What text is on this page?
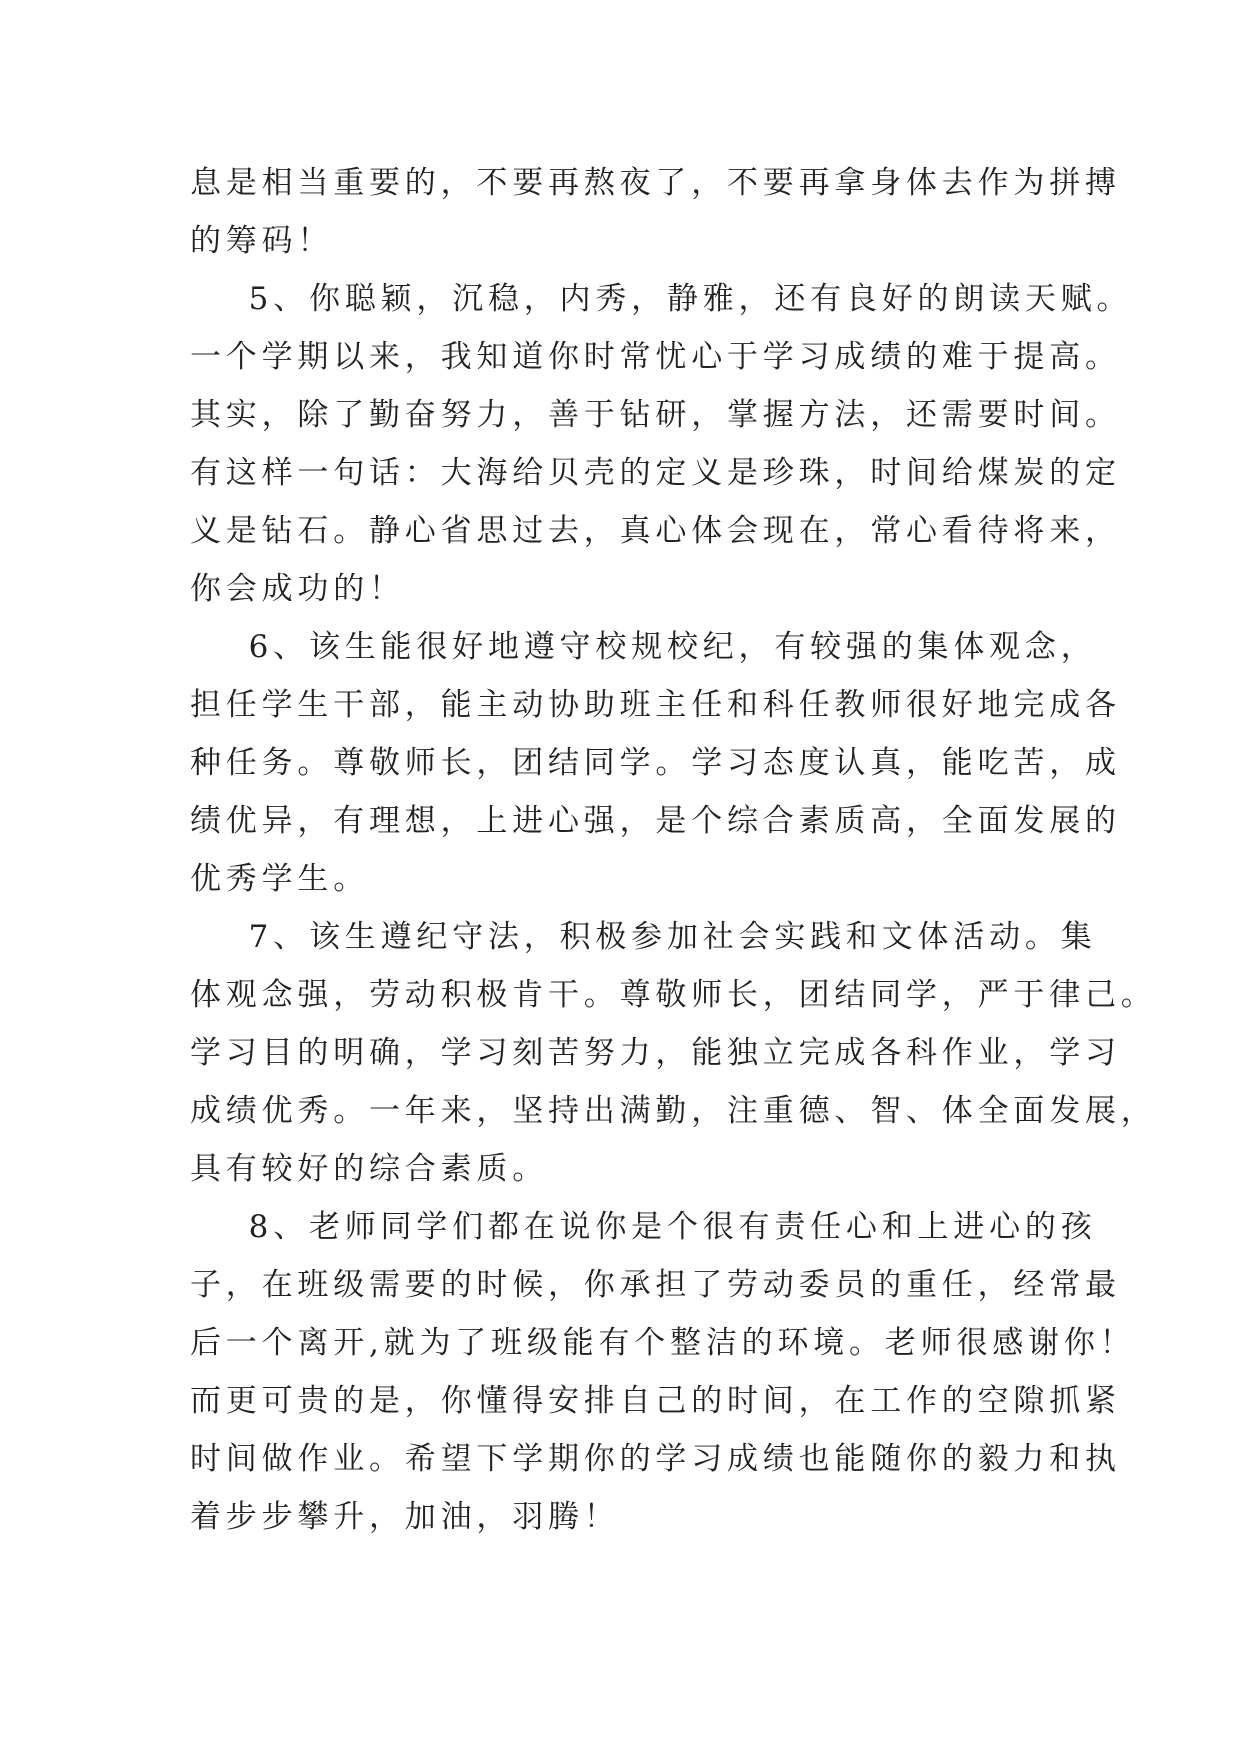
息是相当重要的，不要再熬夜了，不要再拿身体去作为拼搏
的筹码！
5、你聪颖，沉稳，内秀，静雅，还有良好的朗读天赋。
一个学期以来，我知道你时常忧心于学习成绩的难于提高。
其实，除了勤奋努力，善于钻研，掌握方法，还需要时间。
有这样一句话：大海给贝壳的定义是珍珠，时间给煤炭的定
义是钻石。静心省思过去，真心体会现在，常心看待将来，
你会成功的！
6、该生能很好地遵守校规校纪，有较强的集体观念，
担任学生干部，能主动协助班主任和科任教师很好地完成各
种任务。尊敬师长，团结同学。学习态度认真，能吃苦，成
绩优异，有理想，上进心强，是个综合素质高，全面发展的
优秀学生。
7、该生遵纪守法，积极参加社会实践和文体活动。集
体观念强，劳动积极肯干。尊敬师长，团结同学，严于律己。
学习目的明确，学习刻苦努力，能独立完成各科作业，学习
成绩优秀。一年来，坚持出满勤，注重德、智、体全面发展，
具有较好的综合素质。
8、老师同学们都在说你是个很有责任心和上进心的孩
子，在班级需要的时候，你承担了劳动委员的重任，经常最
后一个离开,就为了班级能有个整洁的环境。老师很感谢你！
而更可贵的是，你懂得安排自己的时间，在工作的空隙抓紧
时间做作业。希望下学期你的学习成绩也能随你的毅力和执
着步步攀升，加油，羽腾！
